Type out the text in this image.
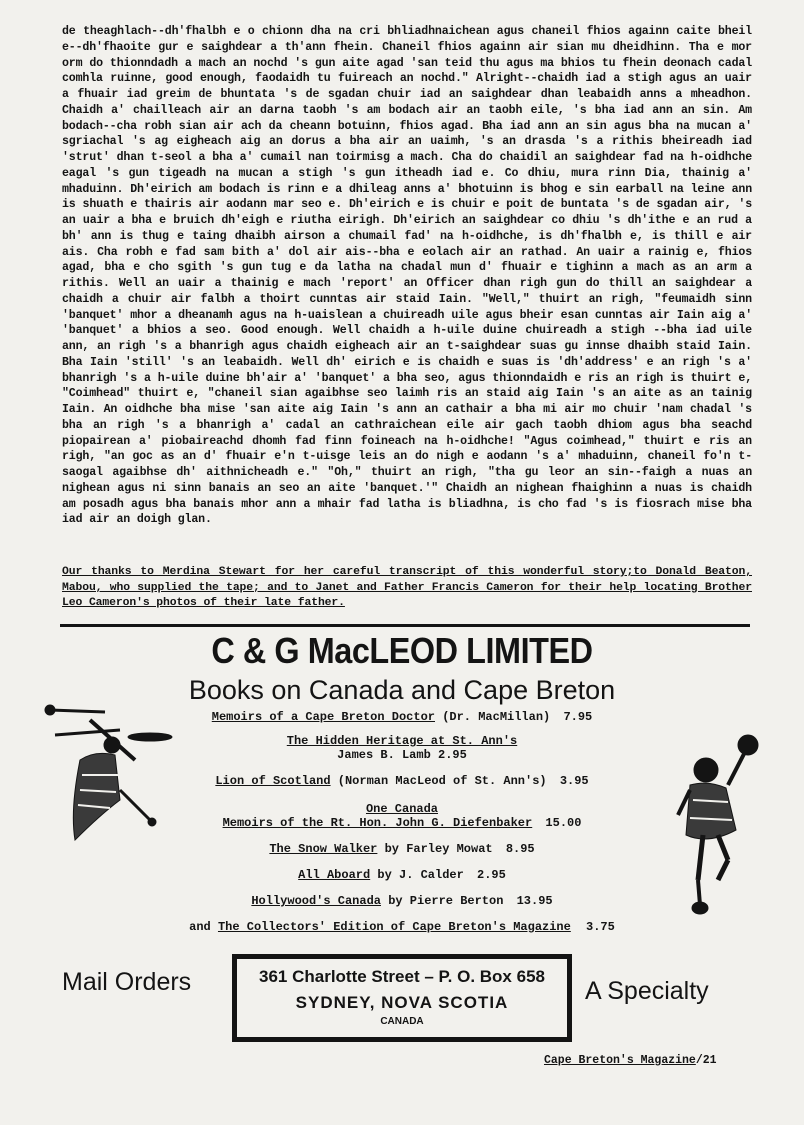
de theaghlach--dh'fhalbh e o chionn dha na cri bhliadhnaichean agus chaneil fhios againn caite bheil e--dh'fhaoite gur e saighdear a th'ann fhein. Chaneil fhios againn air sian mu dheidhinn. Tha e mor orm do thionndadh a mach an nochd 's gun aite agad 'san teid thu agus ma bhios tu fhein deonach cadal comhla ruinne, good enough, faodaidh tu fuireach an nochd." Alright--chaidh iad a stigh agus an uair a fhuair iad greim de bhuntata 's de sgadan chuir iad an saighdear dhan leabaidh anns a mheadhon. Chaidh a' chailleach air an darna taobh 's am bodach air an taobh eile, 's bha iad ann an sin. Am bodach--cha robh sian air ach da cheann botuinn, fhios agad. Bha iad ann an sin agus bha na mucan a' sgriachal 's ag eigheach aig an dorus a bha air an uaimh, 's an drasda 's a rithis bheireadh iad 'strut' dhan t-seol a bha a' cumail nan toirmisg a mach. Cha do chaidil an saighdear fad na h-oidhche eagal 's gun tigeadh na mucan a stigh 's gun itheadh iad e. Co dhiu, mura rinn Dia, thainig a' mhaduinn. Dh'eirich am bodach is rinn e a dhileag anns a' bhotuinn is bhog e sin earball na leine ann is shuath e thairis air aodann mar seo e. Dh'eirich e is chuir e poit de buntata 's de sgadan air, 's an uair a bha e bruich dh'eigh e riutha eirigh. Dh'eirich an saighdear co dhiu 's dh'ithe e an rud a bh' ann is thug e taing dhaibh airson a chumail fad' na h-oidhche, is dh'fhalbh e, is thill e air ais. Cha robh e fad sam bith a' dol air ais--bha e eolach air an rathad. An uair a rainig e, fhios agad, bha e cho sgith 's gun tug e da latha na chadal mun d' fhuair e tighinn a mach as an arm a rithis. Well an uair a thainig e mach 'report' an Officer dhan righ gun do thill an saighdear a chaidh a chuir air falbh a thoirt cunntas air staid Iain. "Well," thuirt an righ, "feumaidh sinn 'banquet' mhor a dheanamh agus na h-uaislean a chuireadh uile agus bheir esan cunntas air Iain aig a' 'banquet' a bhios a seo. Good enough. Well chaidh a h-uile duine chuireadh a stigh --bha iad uile ann, an righ 's a bhanrigh agus chaidh eigheach air an t-saighdear suas gu innse dhaibh staid Iain. Bha Iain 'still' 's an leabaidh. Well dh' eirich e is chaidh e suas is 'dh'address' e an righ 's a' bhanrigh 's a h-uile duine bh'air a' 'banquet' a bha seo, agus thionndaidh e ris an righ is thuirt e, "Coimhead" thuirt e, "chaneil sian agaibhse seo laimh ris an staid aig Iain 's an aite as an tainig Iain. An oidhche bha mise 'san aite aig Iain 's ann an cathair a bha mi air mo chuir 'nam chadal 's bha an righ 's a bhanrigh a' cadal an cathraichean eile air gach taobh dhiom agus bha seachd piopairean a' piobaireachd dhomh fad finn foineach na h-oidhche! "Agus coimhead," thuirt e ris an righ, "an goc as an d' fhuair e'n t-uisge leis an do nigh e aodann 's a' mhaduinn, chaneil fo'n t-saogal agaibhse dh' aithnicheadh e." "Oh," thuirt an righ, "tha gu leor an sin--faigh a nuas an nighean agus ni sinn banais an seo an aite 'banquet.'" Chaidh an nighean fhaighinn a nuas is chaidh am posadh agus bha banais mhor ann a mhair fad latha is bliadhna, is cho fad 's is fiosrach mise bha iad air an doigh glan.

Our thanks to Merdina Stewart for her careful transcript of this wonderful story;to Donald Beaton, Mabou, who supplied the tape; and to Janet and Father Francis Cameron for their help locating Brother Leo Cameron's photos of their late father.
C & G MacLEOD LIMITED
Books on Canada and Cape Breton

Memoirs of a Cape Breton Doctor (Dr. MacMillan) 7.95

The Hidden Heritage at St. Ann's
James B. Lamb 2.95

Lion of Scotland (Norman MacLeod of St. Ann's) 3.95

One Canada
Memoirs of the Rt. Hon. John G. Diefenbaker 15.00

The Snow Walker by Farley Mowat 8.95

All Aboard by J. Calder 2.95

Hollywood's Canada by Pierre Berton 13.95

and The Collectors' Edition of Cape Breton's Magazine 3.75

Mail Orders	361 Charlotte Street – P. O. Box 658
SYDNEY, NOVA SCOTIA
CANADA
A Specialty
Cape Breton's Magazine/21
